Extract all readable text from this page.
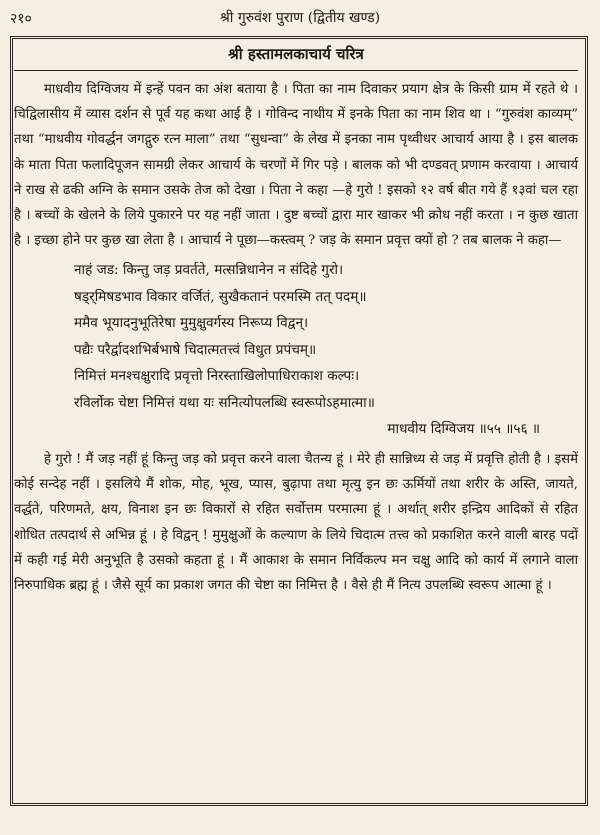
२१०	श्री गुरुवंश पुराण (द्वितीय खण्ड)
श्री हस्तामलकाचार्य चरित्र

माधवीय दिग्विजय में इन्हें पवन का अंश बताया है । पिता का नाम दिवाकर प्रयाग क्षेत्र के किसी ग्राम में रहते थे । चिद्विलासीय में व्यास दर्शन से पूर्व यह कथा आई है । गोविन्द नाथीय में इनके पिता का नाम शिव था । “गुरुवंश काव्यम्” तथा “माधवीय गोवर्द्धन जगद्गुरु रत्न माला” तथा “सुधन्वा” के लेख में इनका नाम पृथ्वीधर आचार्य आया है । इस बालक के माता पिता फलादिपूजन सामग्री लेकर आचार्य के चरणों में गिर पड़े । बालक को भी दण्डवत् प्रणाम करवाया । आचार्य ने राख से ढकी अग्नि के समान उसके तेज को देखा । पिता ने कहा —हे गुरो ! इसको १२ वर्ष बीत गये हैं १३वां चल रहा है । बच्चों के खेलने के लिये पुकारने पर यह नहीं जाता । दुष्ट बच्चों द्वारा मार खाकर भी क्रोध नहीं करता । न कुछ खाता है । इच्छा होने पर कुछ खा लेता है । आचार्य ने पूछा—कस्त्वम् ? जड़ के समान प्रवृत्त क्यों हो ? तब बालक ने कहा—

नाहं जड: किन्तु जड़ प्रवर्तते, मत्सन्निधानेन न संदिहे गुरो।
षड्‍र्मिषडभाव विकार वर्जितं, सुखैकतानं परमस्मि तत् पदम्॥
ममैव भूयादनुभूतिरेषा मुमुक्षुवर्गस्य निरूप्य विद्वन्।
पद्यैः परैर्द्वादशभिर्बभाषे चिदात्मतत्त्वं विधुत प्रपंचम्॥
निमित्तं मनश्चक्षुरादि प्रवृत्तो निरस्ताखिलोपाधिराकाश कल्पः।
रविर्लोक चेष्टा निमित्तं यथा यः सनित्योपलब्धि स्वरूपोऽहमात्मा॥
माधवीय दिग्विजय ॥५५ ॥५६ ॥

हे गुरो ! मैं जड़ नहीं हूं किन्तु जड़ को प्रवृत्त करने वाला चैतन्य हूं । मेरे ही सान्निध्य से जड़ में प्रवृत्ति होती है । इसमें कोई सन्देह नहीं । इसलिये मैं शोक, मोह, भूख, प्यास, बुढ़ापा तथा मृत्यु इन छः ऊर्मियों तथा शरीर के अस्ति, जायते, वर्द्धते, परिणमते, क्षय, विनाश इन छः विकारों से रहित सर्वोत्तम परमात्मा हूं । अर्थात् शरीर इन्द्रिय आदिकों से रहित शोधित तत्पदार्थ से अभिन्न हूं । हे विद्वन् ! मुमुक्षुओं के कल्याण के लिये चिदात्म तत्त्व को प्रकाशित करने वाली बारह पदों में कही गई मेरी अनुभूति है उसको कहता हूं । मैं आकाश के समान निर्विकल्प मन चक्षु आदि को कार्य में लगाने वाला निरुपाधिक ब्रह्म हूं । जैसे सूर्य का प्रकाश जगत की चेष्टा का निमित्त है । वैसे ही मैं नित्य उपलब्धि स्वरूप आत्मा हूं ।
